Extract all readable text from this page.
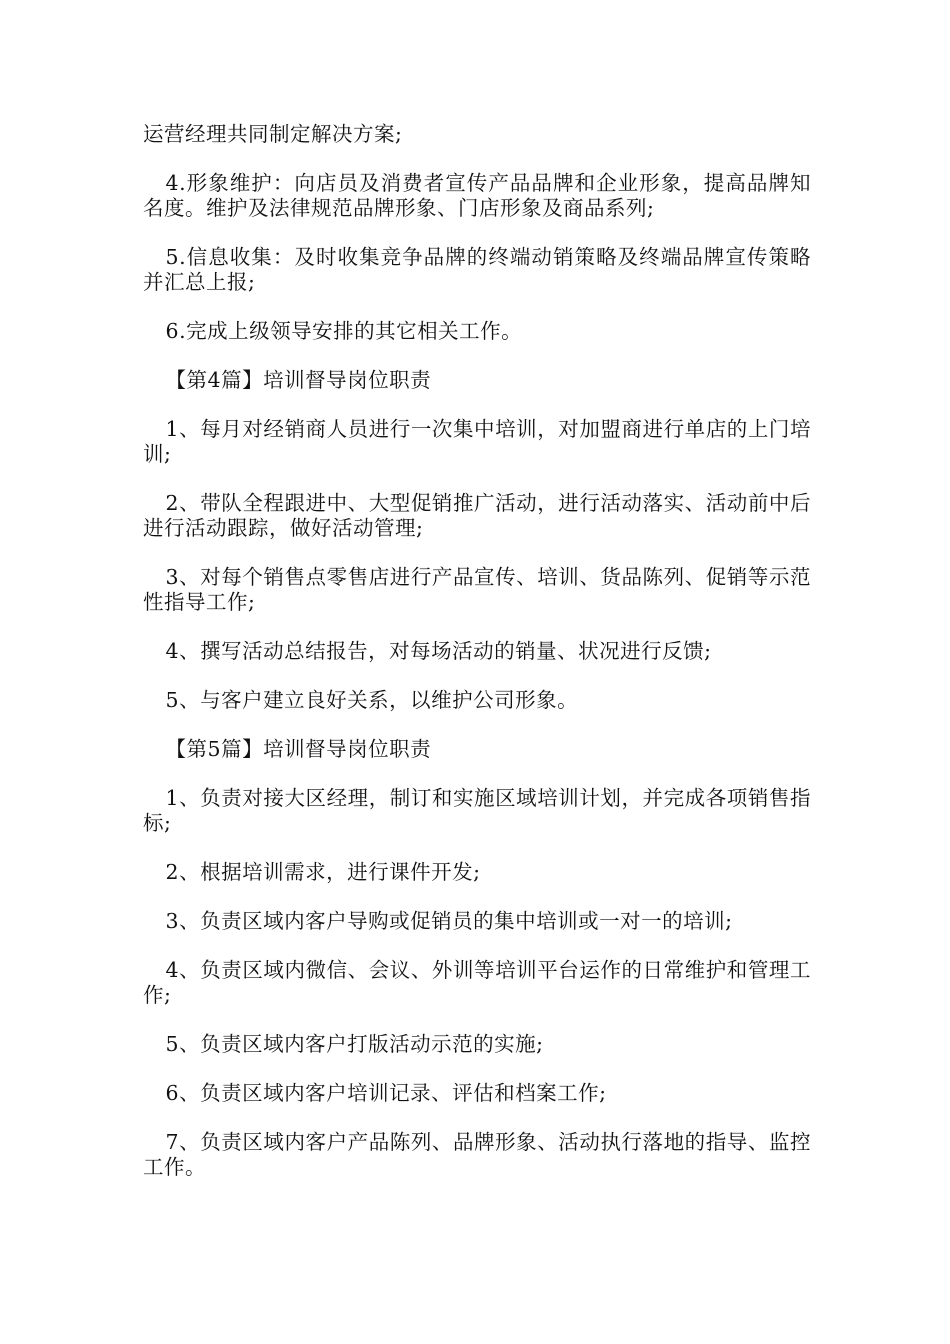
运营经理共同制定解决方案;

4.形象维护：向店员及消费者宣传产品品牌和企业形象，提高品牌知名度。维护及法律规范品牌形象、门店形象及商品系列;

5.信息收集：及时收集竞争品牌的终端动销策略及终端品牌宣传策略并汇总上报;

6.完成上级领导安排的其它相关工作。

【第4篇】培训督导岗位职责

1、每月对经销商人员进行一次集中培训，对加盟商进行单店的上门培训;

2、带队全程跟进中、大型促销推广活动，进行活动落实、活动前中后进行活动跟踪，做好活动管理;

3、对每个销售点零售店进行产品宣传、培训、货品陈列、促销等示范性指导工作;

4、撰写活动总结报告，对每场活动的销量、状况进行反馈;

5、与客户建立良好关系，以维护公司形象。

【第5篇】培训督导岗位职责

1、负责对接大区经理，制订和实施区域培训计划，并完成各项销售指标;

2、根据培训需求，进行课件开发;

3、负责区域内客户导购或促销员的集中培训或一对一的培训;

4、负责区域内微信、会议、外训等培训平台运作的日常维护和管理工作;

5、负责区域内客户打版活动示范的实施;

6、负责区域内客户培训记录、评估和档案工作;

7、负责区域内客户产品陈列、品牌形象、活动执行落地的指导、监控工作。
